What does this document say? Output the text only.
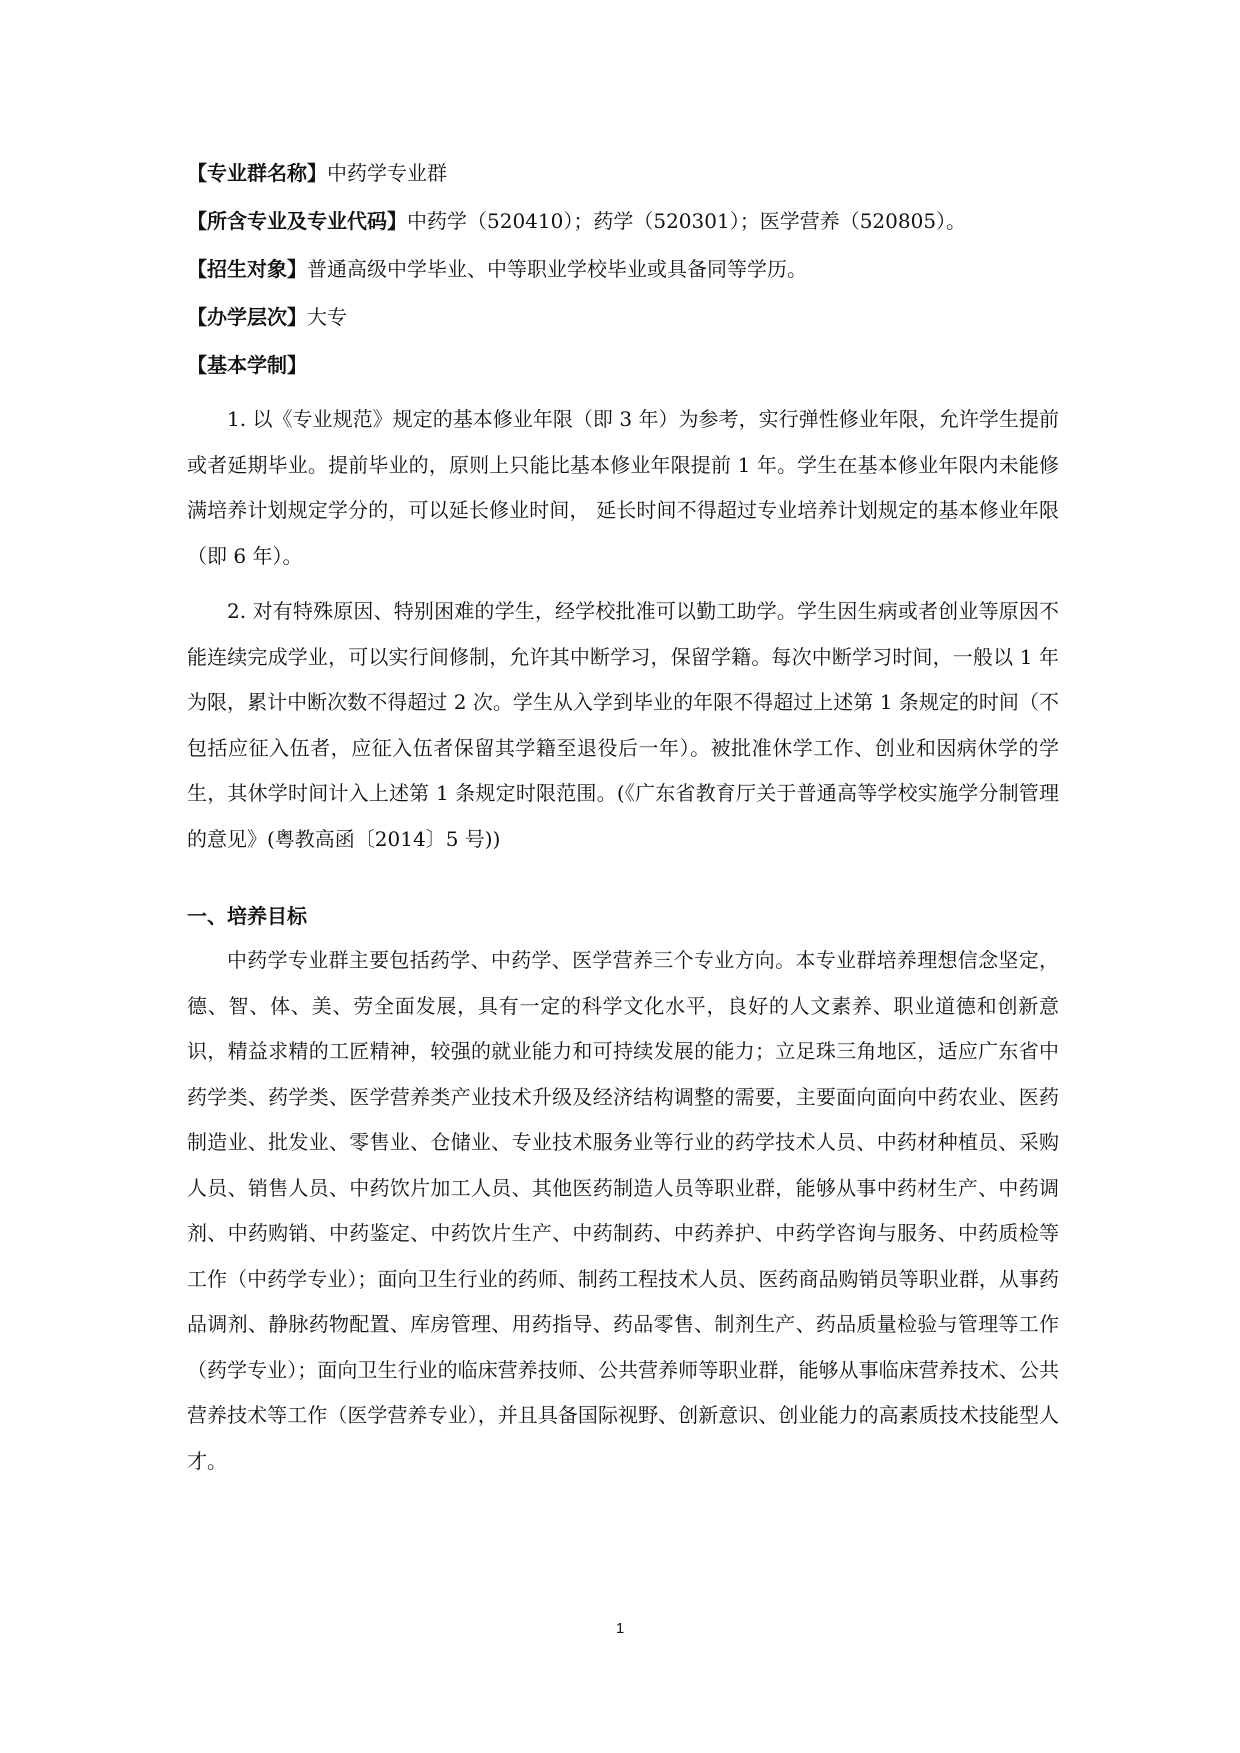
【专业群名称】中药学专业群

【所含专业及专业代码】中药学（520410）；药学（520301）；医学营养（520805）。

【招生对象】普通高级中学毕业、中等职业学校毕业或具备同等学历。

【办学层次】大专

【基本学制】

1. 以《专业规范》规定的基本修业年限（即 3 年）为参考，实行弹性修业年限，允许学生提前或者延期毕业。提前毕业的，原则上只能比基本修业年限提前 1 年。学生在基本修业年限内未能修满培养计划规定学分的，可以延长修业时间， 延长时间不得超过专业培养计划规定的基本修业年限（即 6 年）。

2. 对有特殊原因、特别困难的学生，经学校批准可以勤工助学。学生因生病或者创业等原因不能连续完成学业，可以实行间修制，允许其中断学习，保留学籍。每次中断学习时间，一般以 1 年为限，累计中断次数不得超过 2 次。学生从入学到毕业的年限不得超过上述第 1 条规定的时间（不包括应征入伍者，应征入伍者保留其学籍至退役后一年）。被批准休学工作、创业和因病休学的学生，其休学时间计入上述第 1 条规定时限范围。(《广东省教育厅关于普通高等学校实施学分制管理的意见》(粤教高函〔2014〕5 号))

一、培养目标

中药学专业群主要包括药学、中药学、医学营养三个专业方向。本专业群培养理想信念坚定，德、智、体、美、劳全面发展，具有一定的科学文化水平，良好的人文素养、职业道德和创新意识，精益求精的工匠精神，较强的就业能力和可持续发展的能力；立足珠三角地区，适应广东省中药学类、药学类、医学营养类产业技术升级及经济结构调整的需要，主要面向面向中药农业、医药制造业、批发业、零售业、仓储业、专业技术服务业等行业的药学技术人员、中药材种植员、采购人员、销售人员、中药饮片加工人员、其他医药制造人员等职业群，能够从事中药材生产、中药调剂、中药购销、中药鉴定、中药饮片生产、中药制药、中药养护、中药学咨询与服务、中药质检等工作（中药学专业）；面向卫生行业的药师、制药工程技术人员、医药商品购销员等职业群，从事药品调剂、静脉药物配置、库房管理、用药指导、药品零售、制剂生产、药品质量检验与管理等工作（药学专业）；面向卫生行业的临床营养技师、公共营养师等职业群，能够从事临床营养技术、公共营养技术等工作（医学营养专业），并且具备国际视野、创新意识、创业能力的高素质技术技能型人才。

1
